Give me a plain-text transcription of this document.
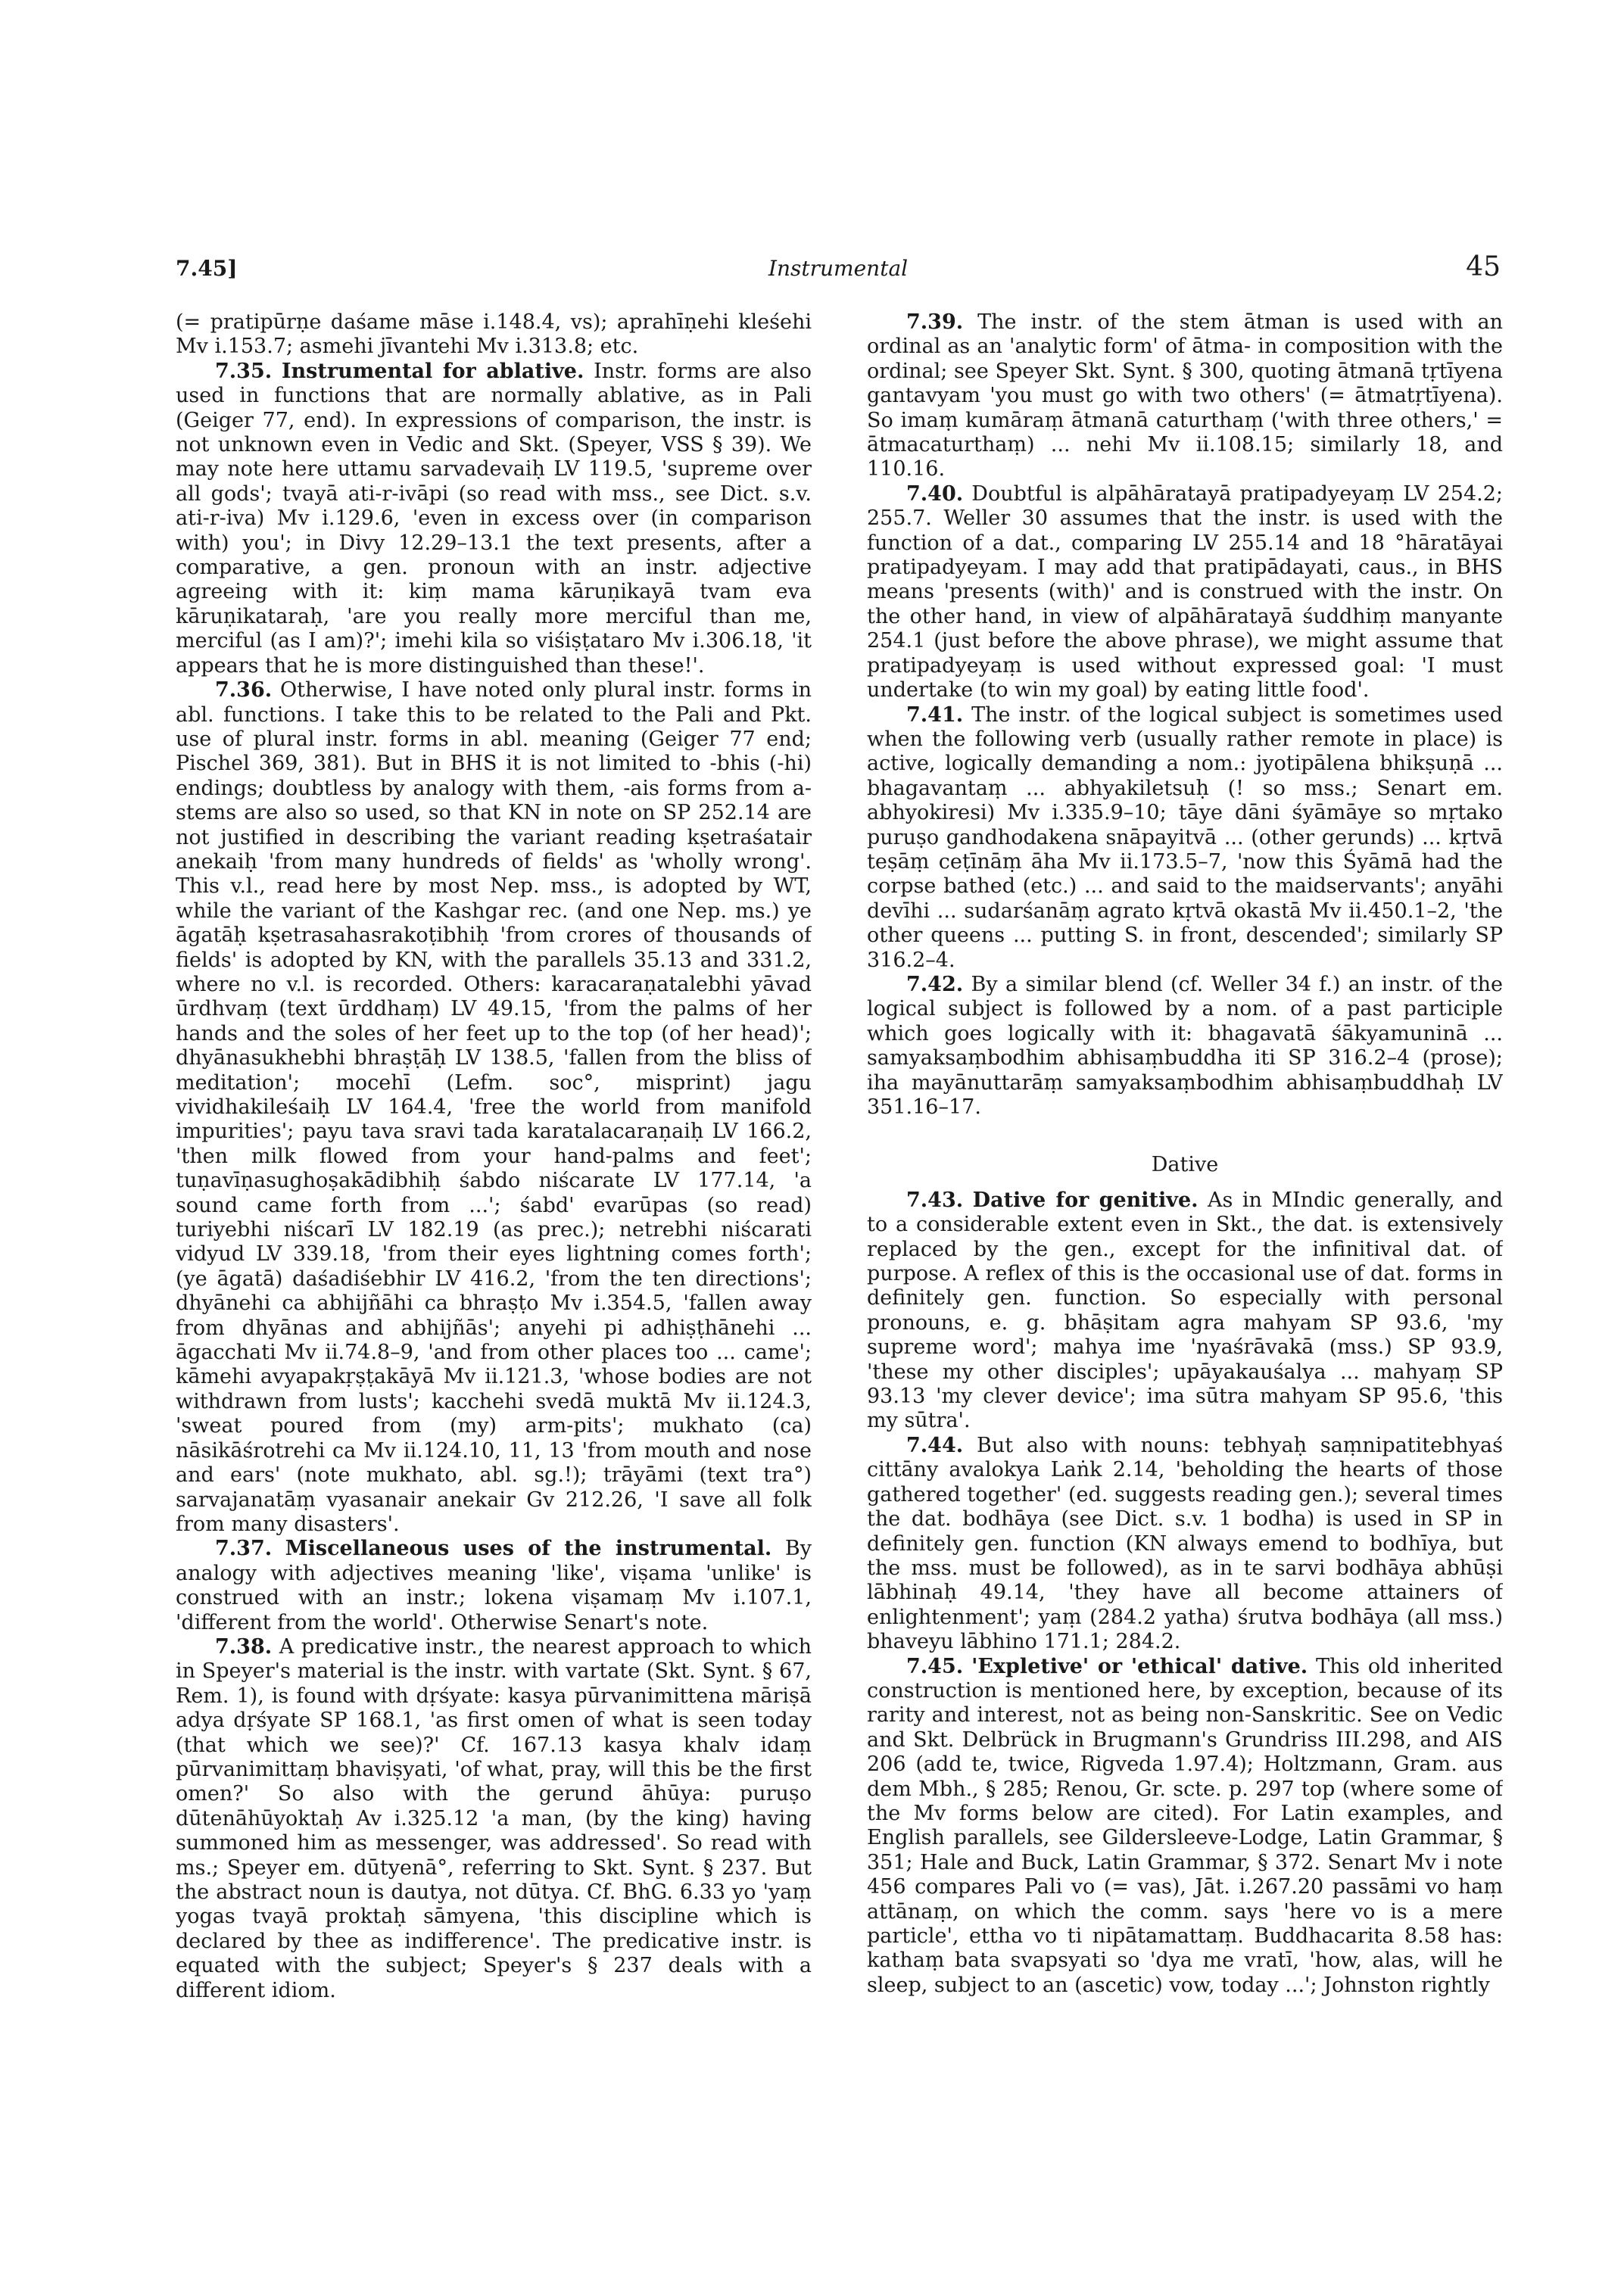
7.45]	Instrumental	45

(= pratipūrṇe daśame māse i.148.4, vs); aprahīṇehi kleśehi Mv i.153.7; asmehi jīvantehi Mv i.313.8; etc.

7.35. Instrumental for ablative. Instr. forms are also used in functions that are normally ablative, as in Pali (Geiger 77, end). In expressions of comparison, the instr. is not unknown even in Vedic and Skt. (Speyer, VSS § 39). We may note here uttamu sarvadevaiḥ LV 119.5, 'supreme over all gods'; tvayā ati-r-ivāpi (so read with mss., see Dict. s.v. ati-r-iva) Mv i.129.6, 'even in excess over (in comparison with) you'; in Divy 12.29–13.1 the text presents, after a comparative, a gen. pronoun with an instr. adjective agreeing with it: kiṃ mama kāruṇikayā tvam eva kāruṇikataraḥ, 'are you really more merciful than me, merciful (as I am)?'; imehi kila so viśiṣṭataro Mv i.306.18, 'it appears that he is more distinguished than these!'.

7.36. Otherwise, I have noted only plural instr. forms in abl. functions. I take this to be related to the Pali and Pkt. use of plural instr. forms in abl. meaning (Geiger 77 end; Pischel 369, 381). But in BHS it is not limited to -bhis (-hi) endings; doubtless by analogy with them, -ais forms from a-stems are also so used, so that KN in note on SP 252.14 are not justified in describing the variant reading kṣetraśatair anekaiḥ 'from many hundreds of fields' as 'wholly wrong'. This v.l., read here by most Nep. mss., is adopted by WT, while the variant of the Kashgar rec. (and one Nep. ms.) ye āgatāḥ kṣetrasahasrakoṭibhiḥ 'from crores of thousands of fields' is adopted by KN, with the parallels 35.13 and 331.2, where no v.l. is recorded. Others: karacaraṇatalebhi yāvad ūrdhvaṃ (text ūrddhaṃ) LV 49.15, 'from the palms of her hands and the soles of her feet up to the top (of her head)'; dhyānasukhebhi bhraṣṭāḥ LV 138.5, 'fallen from the bliss of meditation'; mocehī (Lefm. soc°, misprint) jagu vividhakileśaiḥ LV 164.4, 'free the world from manifold impurities'; payu tava sravi tada karatalacaraṇaiḥ LV 166.2, 'then milk flowed from your hand-palms and feet'; tuṇavīṇasughoṣakādibhiḥ śabdo niścarate LV 177.14, 'a sound came forth from ...'; śabd' evarūpas (so read) turiyebhi niścarī LV 182.19 (as prec.); netrebhi niścarati vidyud LV 339.18, 'from their eyes lightning comes forth'; (ye āgatā) daśadiśebhir LV 416.2, 'from the ten directions'; dhyānehi ca abhijñāhi ca bhraṣṭo Mv i.354.5, 'fallen away from dhyānas and abhijñās'; anyehi pi adhiṣṭhānehi ... āgacchati Mv ii.74.8–9, 'and from other places too ... came'; kāmehi avyapakṛṣṭakāyā Mv ii.121.3, 'whose bodies are not withdrawn from lusts'; kacchehi svedā muktā Mv ii.124.3, 'sweat poured from (my) arm-pits'; mukhato (ca) nāsikāśrotrehi ca Mv ii.124.10, 11, 13 'from mouth and nose and ears' (note mukhato, abl. sg.!); trāyāmi (text tra°) sarvajanatāṃ vyasanair anekair Gv 212.26, 'I save all folk from many disasters'.

7.37. Miscellaneous uses of the instrumental. By analogy with adjectives meaning 'like', viṣama 'unlike' is construed with an instr.; lokena viṣamaṃ Mv i.107.1, 'different from the world'. Otherwise Senart's note.

7.38. A predicative instr., the nearest approach to which in Speyer's material is the instr. with vartate (Skt. Synt. § 67, Rem. 1), is found with dṛśyate: kasya pūrvanimittena māriṣā adya dṛśyate SP 168.1, 'as first omen of what is seen today (that which we see)?' Cf. 167.13 kasya khalv idaṃ pūrvanimittaṃ bhaviṣyati, 'of what, pray, will this be the first omen?' So also with the gerund āhūya: puruṣo dūtenāhūyoktaḥ Av i.325.12 'a man, (by the king) having summoned him as messenger, was addressed'. So read with ms.; Speyer em. dūtyenā°, referring to Skt. Synt. § 237. But the abstract noun is dautya, not dūtya. Cf. BhG. 6.33 yo 'yaṃ yogas tvayā proktaḥ sāmyena, 'this discipline which is declared by thee as indifference'. The predicative instr. is equated with the subject; Speyer's § 237 deals with a different idiom.

7.39. The instr. of the stem ātman is used with an ordinal as an 'analytic form' of ātma- in composition with the ordinal; see Speyer Skt. Synt. § 300, quoting ātmanā tṛtīyena gantavyam 'you must go with two others' (= ātmatṛtīyena). So imaṃ kumāraṃ ātmanā caturthaṃ ('with three others,' = ātmacaturthaṃ) ... nehi Mv ii.108.15; similarly 18, and 110.16.

7.40. Doubtful is alpāhāratayā pratipadyeyaṃ LV 254.2; 255.7. Weller 30 assumes that the instr. is used with the function of a dat., comparing LV 255.14 and 18 °hāratāyai pratipadyeyam. I may add that pratipādayati, caus., in BHS means 'presents (with)' and is construed with the instr. On the other hand, in view of alpāhāratayā śuddhiṃ manyante 254.1 (just before the above phrase), we might assume that pratipadyeyaṃ is used without expressed goal: 'I must undertake (to win my goal) by eating little food'.

7.41. The instr. of the logical subject is sometimes used when the following verb (usually rather remote in place) is active, logically demanding a nom.: jyotipālena bhikṣuṇā ... bhagavantaṃ ... abhyakiletsuḥ (! so mss.; Senart em. abhyokiresi) Mv i.335.9–10; tāye dāni śyāmāye so mṛtako puruṣo gandhodakena snāpayitvā ... (other gerunds) ... kṛtvā teṣāṃ ceṭīnāṃ āha Mv ii.173.5–7, 'now this Śyāmā had the corpse bathed (etc.) ... and said to the maidservants'; anyāhi devīhi ... sudarśanāṃ agrato kṛtvā okastā Mv ii.450.1–2, 'the other queens ... putting S. in front, descended'; similarly SP 316.2–4.

7.42. By a similar blend (cf. Weller 34 f.) an instr. of the logical subject is followed by a nom. of a past participle which goes logically with it: bhagavatā śākyamuninā ... samyaksaṃbodhim abhisaṃbuddha iti SP 316.2–4 (prose); iha mayānuttarāṃ samyaksaṃbodhim abhisaṃbuddhaḥ LV 351.16–17.

Dative

7.43. Dative for genitive. As in MIndic generally, and to a considerable extent even in Skt., the dat. is extensively replaced by the gen., except for the infinitival dat. of purpose. A reflex of this is the occasional use of dat. forms in definitely gen. function. So especially with personal pronouns, e. g. bhāṣitam agra mahyam SP 93.6, 'my supreme word'; mahya ime 'nyaśrāvakā (mss.) SP 93.9, 'these my other disciples'; upāyakauśalya ... mahyaṃ SP 93.13 'my clever device'; ima sūtra mahyam SP 95.6, 'this my sūtra'.

7.44. But also with nouns: tebhyaḥ saṃnipatitebhyaś cittāny avalokya Laṅk 2.14, 'beholding the hearts of those gathered together' (ed. suggests reading gen.); several times the dat. bodhāya (see Dict. s.v. 1 bodha) is used in SP in definitely gen. function (KN always emend to bodhīya, but the mss. must be followed), as in te sarvi bodhāya abhūṣi lābhinaḥ 49.14, 'they have all become attainers of enlightenment'; yaṃ (284.2 yatha) śrutva bodhāya (all mss.) bhaveyu lābhino 171.1; 284.2.

7.45. 'Expletive' or 'ethical' dative. This old inherited construction is mentioned here, by exception, because of its rarity and interest, not as being non-Sanskritic. See on Vedic and Skt. Delbrück in Brugmann's Grundriss III.298, and AIS 206 (add te, twice, Rigveda 1.97.4); Holtzmann, Gram. aus dem Mbh., § 285; Renou, Gr. scte. p. 297 top (where some of the Mv forms below are cited). For Latin examples, and English parallels, see Gildersleeve-Lodge, Latin Grammar, § 351; Hale and Buck, Latin Grammar, § 372. Senart Mv i note 456 compares Pali vo (= vas), Jāt. i.267.20 passāmi vo haṃ attānaṃ, on which the comm. says 'here vo is a mere particle', ettha vo ti nipātamattaṃ. Buddhacarita 8.58 has: kathaṃ bata svapsyati so 'dya me vratī, 'how, alas, will he sleep, subject to an (ascetic) vow, today ...'; Johnston rightly
